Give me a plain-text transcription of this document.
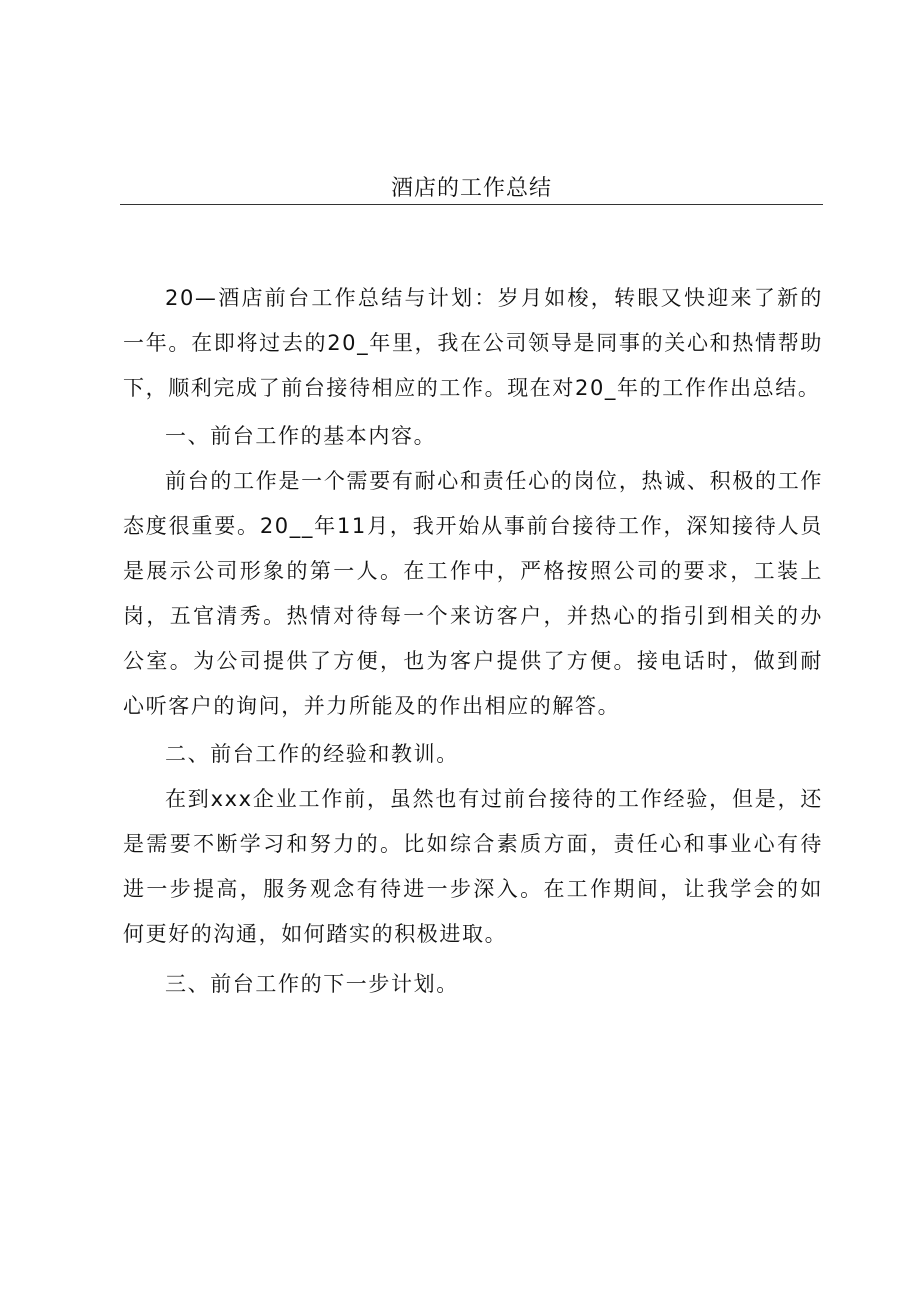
酒店的工作总结

20—酒店前台工作总结与计划：岁月如梭，转眼又快迎来了新的一年。在即将过去的20_年里，我在公司领导是同事的关心和热情帮助下，顺利完成了前台接待相应的工作。现在对20_年的工作作出总结。

一、前台工作的基本内容。

前台的工作是一个需要有耐心和责任心的岗位，热诚、积极的工作态度很重要。20__年11月，我开始从事前台接待工作，深知接待人员是展示公司形象的第一人。在工作中，严格按照公司的要求，工装上岗，五官清秀。热情对待每一个来访客户，并热心的指引到相关的办公室。为公司提供了方便，也为客户提供了方便。接电话时，做到耐心听客户的询问，并力所能及的作出相应的解答。

二、前台工作的经验和教训。

在到xxx企业工作前，虽然也有过前台接待的工作经验，但是，还是需要不断学习和努力的。比如综合素质方面，责任心和事业心有待进一步提高，服务观念有待进一步深入。在工作期间，让我学会的如何更好的沟通，如何踏实的积极进取。

三、前台工作的下一步计划。
